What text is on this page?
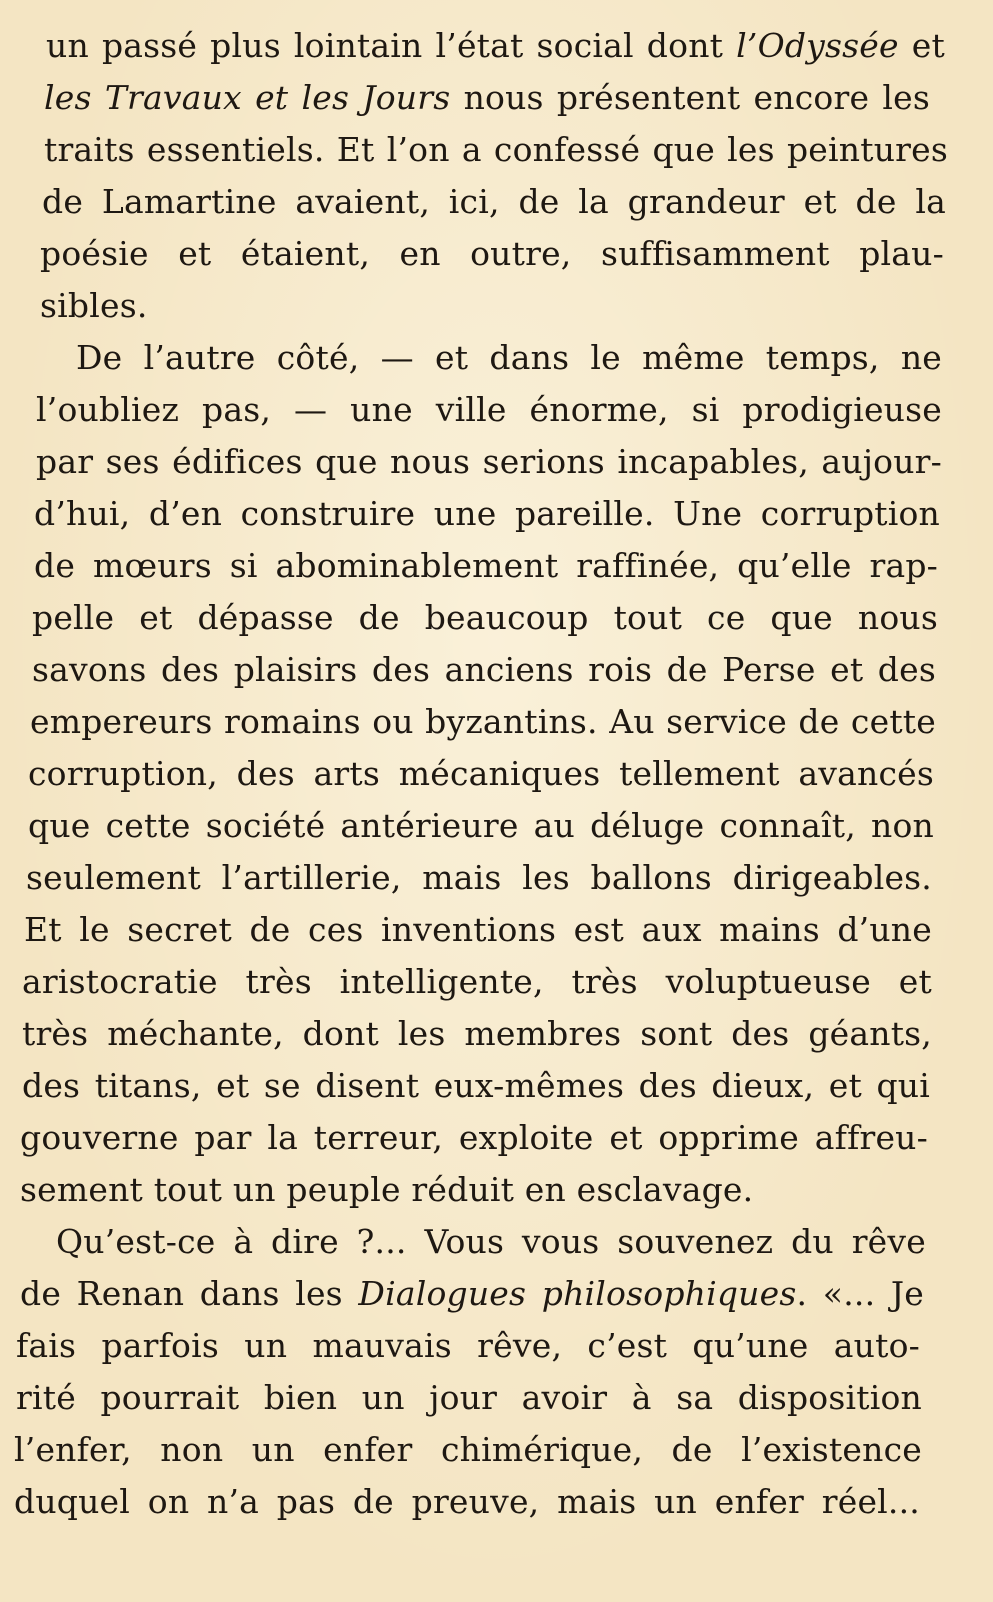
un passé plus lointain l’état social dont l’Odyssée et
les Travaux et les Jours nous présentent encore les
traits essentiels. Et l’on a confessé que les peintures
de Lamartine avaient, ici, de la grandeur et de la
poésie et étaient, en outre, suffisamment plau-
sibles.
De l’autre côté, — et dans le même temps, ne
l’oubliez pas, — une ville énorme, si prodigieuse
par ses édifices que nous serions incapables, aujour-
d’hui, d’en construire une pareille. Une corruption
de mœurs si abominablement raffinée, qu’elle rap-
pelle et dépasse de beaucoup tout ce que nous
savons des plaisirs des anciens rois de Perse et des
empereurs romains ou byzantins. Au service de cette
corruption, des arts mécaniques tellement avancés
que cette société antérieure au déluge connaît, non
seulement l’artillerie, mais les ballons dirigeables.
Et le secret de ces inventions est aux mains d’une
aristocratie très intelligente, très voluptueuse et
très méchante, dont les membres sont des géants,
des titans, et se disent eux-mêmes des dieux, et qui
gouverne par la terreur, exploite et opprime affreu-
sement tout un peuple réduit en esclavage.
Qu’est-ce à dire ?... Vous vous souvenez du rêve
de Renan dans les Dialogues philosophiques. «... Je
fais parfois un mauvais rêve, c’est qu’une auto-
rité pourrait bien un jour avoir à sa disposition
l’enfer, non un enfer chimérique, de l’existence
duquel on n’a pas de preuve, mais un enfer réel...
